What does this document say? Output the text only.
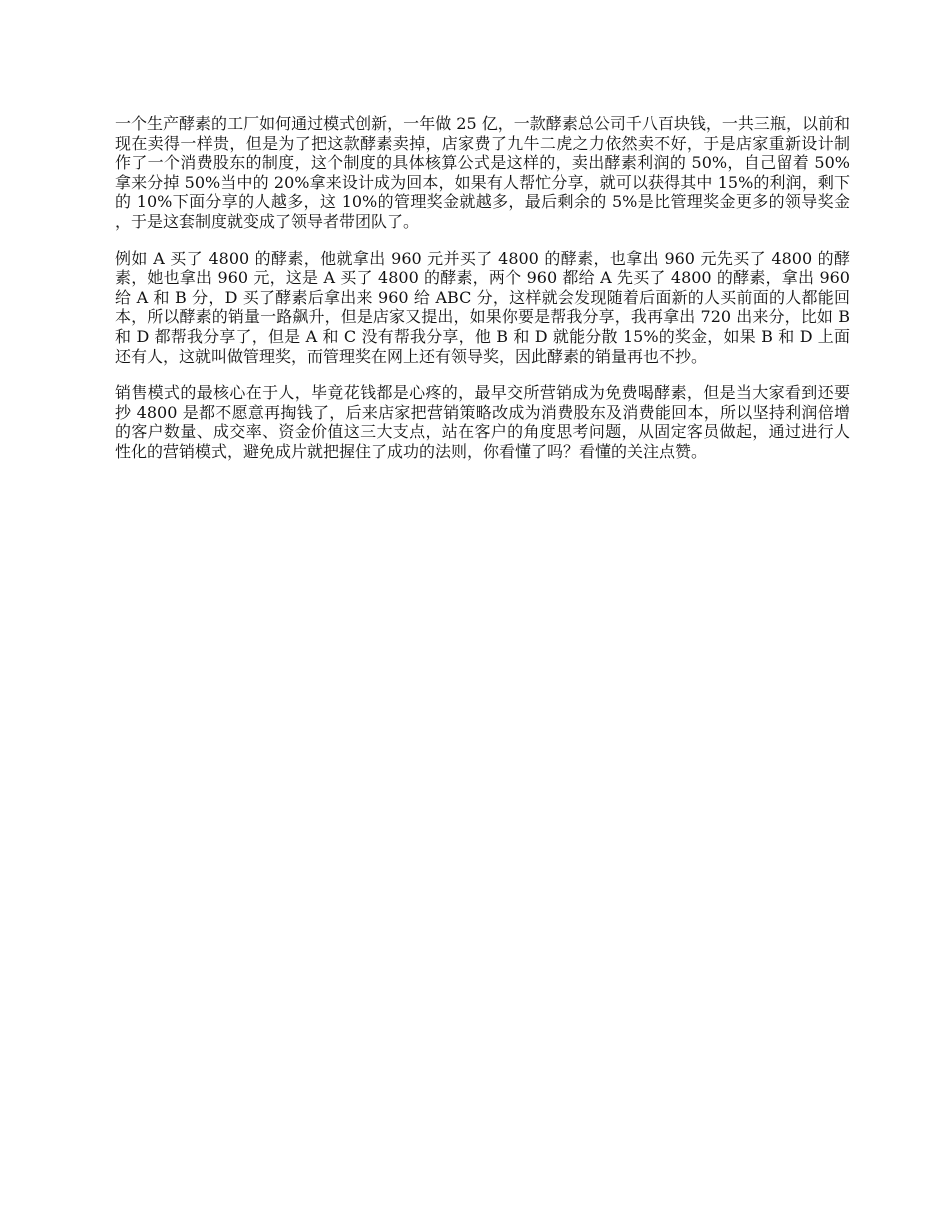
一个生产酵素的工厂如何通过模式创新，一年做 25 亿，一款酵素总公司千八百块钱，一共三瓶，以前和现在卖得一样贵，但是为了把这款酵素卖掉，店家费了九牛二虎之力依然卖不好，于是店家重新设计制作了一个消费股东的制度，这个制度的具体核算公式是这样的，卖出酵素利润的 50%，自己留着 50%拿来分掉 50%当中的 20%拿来设计成为回本，如果有人帮忙分享，就可以获得其中 15%的利润，剩下的 10%下面分享的人越多，这 10%的管理奖金就越多，最后剩余的 5%是比管理奖金更多的领导奖金，于是这套制度就变成了领导者带团队了。

例如 A 买了 4800 的酵素，他就拿出 960 元并买了 4800 的酵素，也拿出 960 元先买了 4800 的酵素，她也拿出 960 元，这是 A 买了 4800 的酵素，两个 960 都给 A 先买了 4800 的酵素，拿出 960 给 A 和 B 分，D 买了酵素后拿出来 960 给 ABC 分，这样就会发现随着后面新的人买前面的人都能回本，所以酵素的销量一路飙升，但是店家又提出，如果你要是帮我分享，我再拿出 720 出来分，比如 B 和 D 都帮我分享了，但是 A 和 C 没有帮我分享，他 B 和 D 就能分散 15%的奖金，如果 B 和 D 上面还有人，这就叫做管理奖，而管理奖在网上还有领导奖，因此酵素的销量再也不抄。

销售模式的最核心在于人，毕竟花钱都是心疼的，最早交所营销成为免费喝酵素，但是当大家看到还要抄 4800 是都不愿意再掏钱了，后来店家把营销策略改成为消费股东及消费能回本，所以坚持利润倍增的客户数量、成交率、资金价值这三大支点，站在客户的角度思考问题，从固定客员做起，通过进行人性化的营销模式，避免成片就把握住了成功的法则，你看懂了吗？看懂的关注点赞。
